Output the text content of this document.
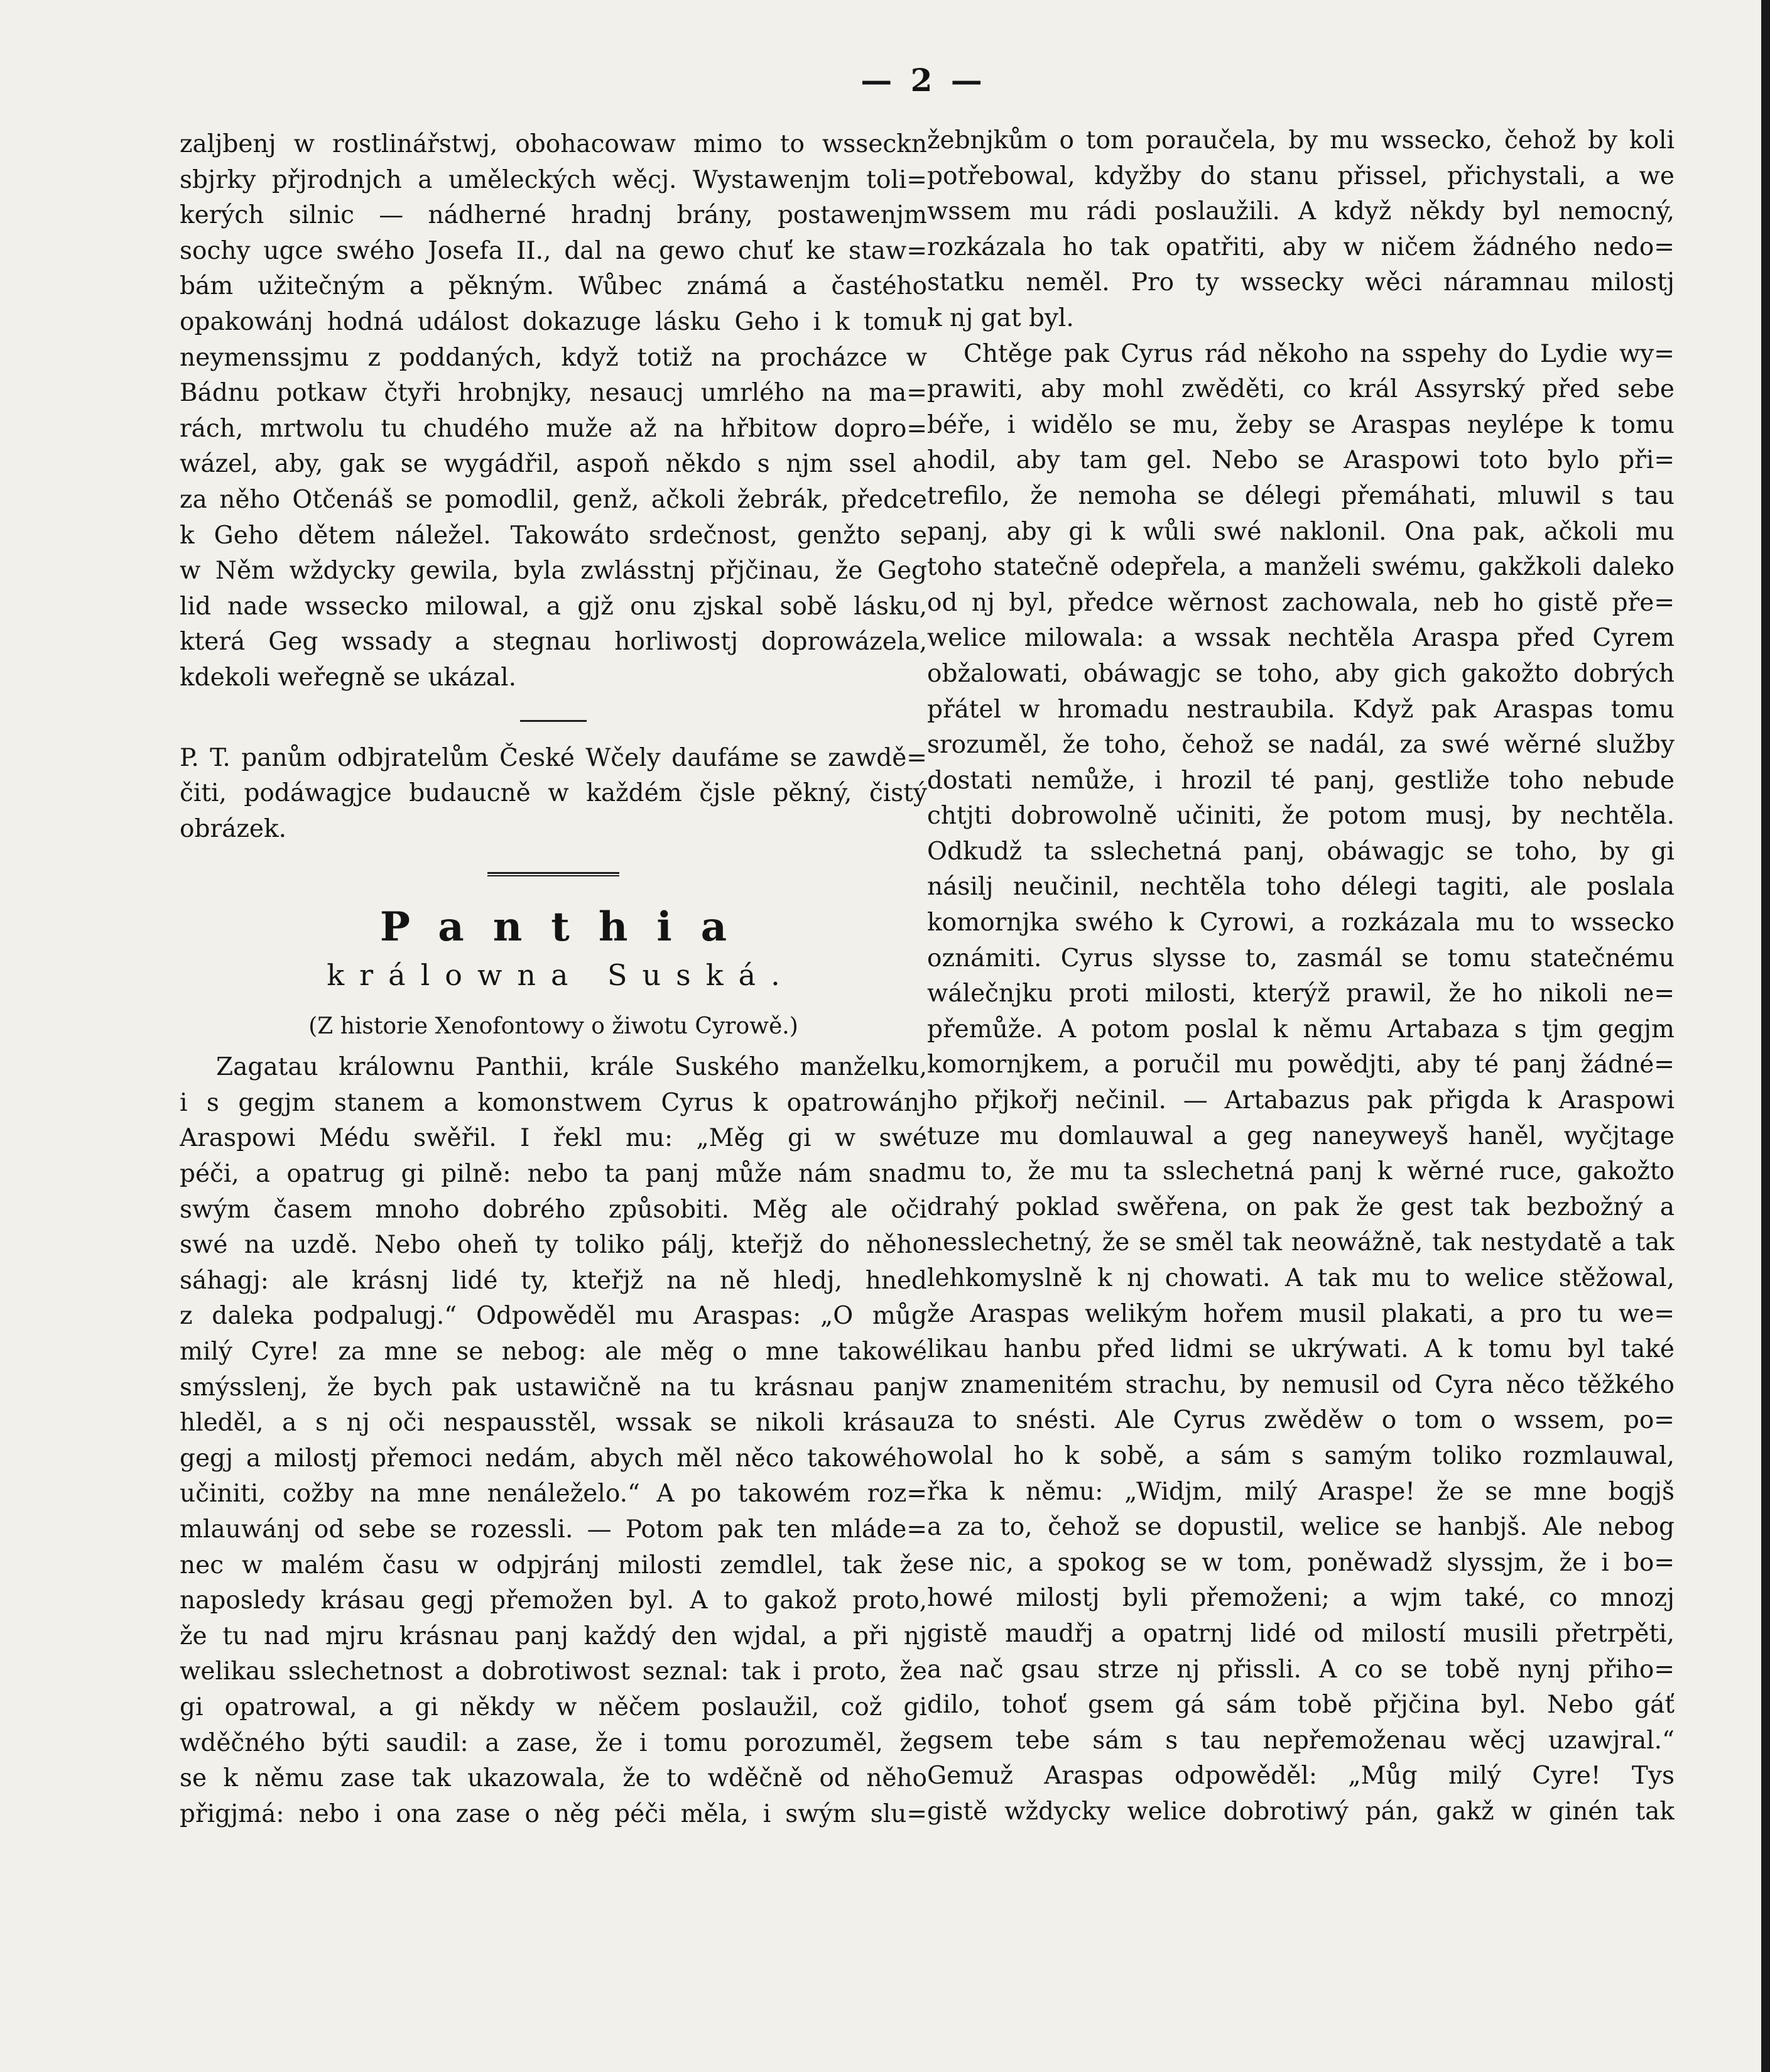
— 2 —
zaljbenj w rostlinářstwj, obohacowaw mimo to wsseckn
sbjrky přjrodnjch a uměleckých wěcj. Wystawenjm toli=
kerých silnic — nádherné hradnj brány, postawenjm
sochy ugce swého Josefa II., dal na gewo chuť ke staw=
bám užitečným a pěkným. Wůbec známá a častého
opakowánj hodná událost dokazuge lásku Geho i k tomu
neymenssjmu z poddaných, když totiž na procházce w
Bádnu potkaw čtyři hrobnjky, nesaucj umrlého na ma=
rách, mrtwolu tu chudého muže až na hřbitow dopro=
wázel, aby, gak se wygádřil, aspoň někdo s njm ssel a
za něho Otčenáš se pomodlil, genž, ačkoli žebrák, předce
k Geho dětem náležel. Takowáto srdečnost, genžto se
w Něm wždycky gewila, byla zwlásstnj přjčinau, že Geg
lid nade wssecko milowal, a gjž onu zjskal sobě lásku,
která Geg wssady a stegnau horliwostj doprowázela,
kdekoli weřegně se ukázal.
P. T. panům odbjratelům České Wčely daufáme se zawdě=
čiti, podáwagjce budaucně w každém čjsle pěkný, čistý
obrázek.
Panthia
králowna Suská.
(Z historie Xenofontowy o žiwotu Cyrowě.)
Zagatau králownu Panthii, krále Suského manželku,
i s gegjm stanem a komonstwem Cyrus k opatrowánj
Araspowi Médu swěřil. I řekl mu: „Měg gi w swé
péči, a opatrug gi pilně: nebo ta panj může nám snad
swým časem mnoho dobrého způsobiti. Měg ale oči
swé na uzdě. Nebo oheň ty toliko pálj, kteřjž do něho
sáhagj: ale krásnj lidé ty, kteřjž na ně hledj, hned
z daleka podpalugj.“ Odpowěděl mu Araspas: „O můg
milý Cyre! za mne se nebog: ale měg o mne takowé
smýsslenj, že bych pak ustawičně na tu krásnau panj
hleděl, a s nj oči nespausstěl, wssak se nikoli krásau
gegj a milostj přemoci nedám, abych měl něco takowého
učiniti, cožby na mne nenáleželo.“ A po takowém roz=
mlauwánj od sebe se rozessli. — Potom pak ten mláde=
nec w malém času w odpjránj milosti zemdlel, tak že
naposledy krásau gegj přemožen byl. A to gakož proto,
že tu nad mjru krásnau panj každý den wjdal, a při nj
welikau sslechetnost a dobrotiwost seznal: tak i proto, že
gi opatrowal, a gi někdy w něčem poslaužil, což gi
wděčného býti saudil: a zase, že i tomu porozuměl, že
se k němu zase tak ukazowala, že to wděčně od něho
přigjmá: nebo i ona zase o něg péči měla, i swým slu=
žebnjkům o tom poraučela, by mu wssecko, čehož by koli
potřebowal, kdyžby do stanu přissel, přichystali, a we
wssem mu rádi poslaužili. A když někdy byl nemocný,
rozkázala ho tak opatřiti, aby w ničem žádného nedo=
statku neměl. Pro ty wssecky wěci náramnau milostj
k nj gat byl.
Chtěge pak Cyrus rád někoho na sspehy do Lydie wy=
prawiti, aby mohl zwěděti, co král Assyrský před sebe
béře, i widělo se mu, žeby se Araspas neylépe k tomu
hodil, aby tam gel. Nebo se Araspowi toto bylo při=
trefilo, že nemoha se délegi přemáhati, mluwil s tau
panj, aby gi k wůli swé naklonil. Ona pak, ačkoli mu
toho statečně odepřela, a manželi swému, gakžkoli daleko
od nj byl, předce wěrnost zachowala, neb ho gistě pře=
welice milowala: a wssak nechtěla Araspa před Cyrem
obžalowati, obáwagjc se toho, aby gich gakožto dobrých
přátel w hromadu nestraubila. Když pak Araspas tomu
srozuměl, že toho, čehož se nadál, za swé wěrné služby
dostati nemůže, i hrozil té panj, gestliže toho nebude
chtjti dobrowolně učiniti, že potom musj, by nechtěla.
Odkudž ta sslechetná panj, obáwagjc se toho, by gi
násilj neučinil, nechtěla toho délegi tagiti, ale poslala
komornjka swého k Cyrowi, a rozkázala mu to wssecko
oznámiti. Cyrus slysse to, zasmál se tomu statečnému
wálečnjku proti milosti, kterýž prawil, že ho nikoli ne=
přemůže. A potom poslal k němu Artabaza s tjm gegjm
komornjkem, a poručil mu powědjti, aby té panj žádné=
ho přjkořj nečinil. — Artabazus pak přigda k Araspowi
tuze mu domlauwal a geg naneyweyš haněl, wyčjtage
mu to, že mu ta sslechetná panj k wěrné ruce, gakožto
drahý poklad swěřena, on pak že gest tak bezbožný a
nesslechetný, že se směl tak neowážně, tak nestydatě a tak
lehkomyslně k nj chowati. A tak mu to welice stěžowal,
že Araspas welikým hořem musil plakati, a pro tu we=
likau hanbu před lidmi se ukrýwati. A k tomu byl také
w znamenitém strachu, by nemusil od Cyra něco těžkého
za to snésti. Ale Cyrus zwěděw o tom o wssem, po=
wolal ho k sobě, a sám s samým toliko rozmlauwal,
řka k němu: „Widjm, milý Araspe! že se mne bogjš
a za to, čehož se dopustil, welice se hanbjš. Ale nebog
se nic, a spokog se w tom, poněwadž slyssjm, že i bo=
howé milostj byli přemoženi; a wjm také, co mnozj
gistě maudřj a opatrnj lidé od milostí musili přetrpěti,
a nač gsau strze nj přissli. A co se tobě nynj přiho=
dilo, tohoť gsem gá sám tobě přjčina byl. Nebo gáť
gsem tebe sám s tau nepřemoženau wěcj uzawjral.“
Gemuž Araspas odpowěděl: „Můg milý Cyre! Tys
gistě wždycky welice dobrotiwý pán, gakž w ginén tak
